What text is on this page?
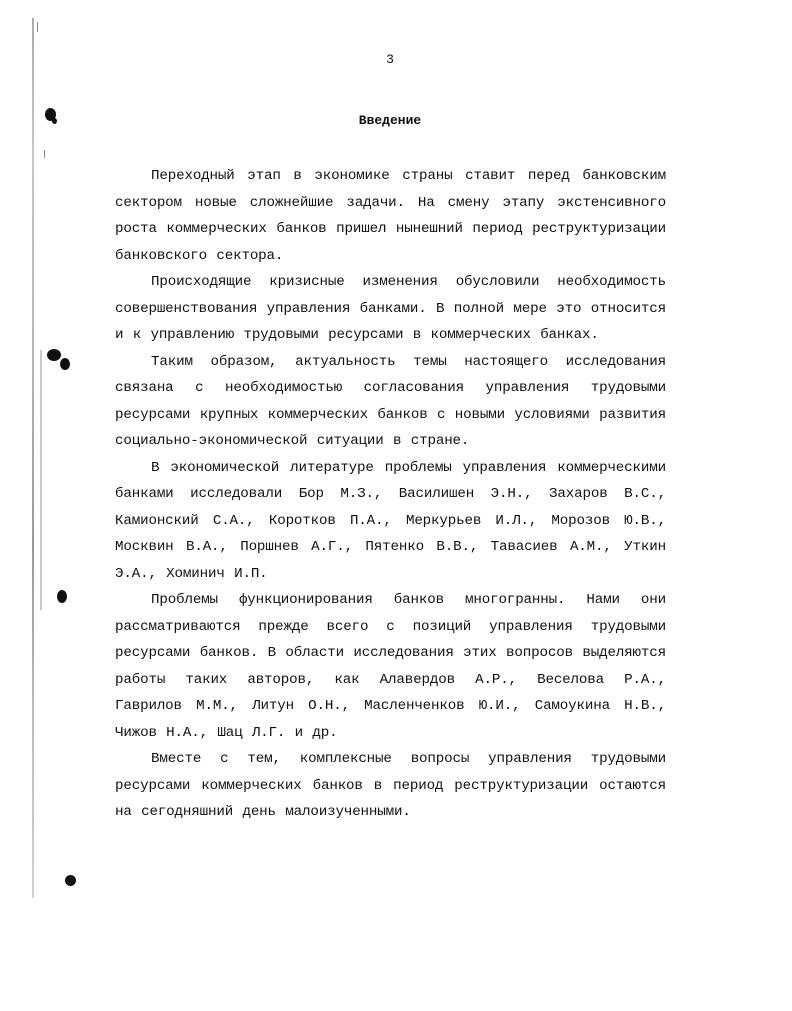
3
Введение

Переходный этап в экономике страны ставит перед банковским сектором новые сложнейшие задачи. На смену этапу экстенсивного роста коммерческих банков пришел нынешний период реструктуризации банковского сектора.

Происходящие кризисные изменения обусловили необходимость совершенствования управления банками. В полной мере это относится и к управлению трудовыми ресурсами в коммерческих банках.

Таким образом, актуальность темы настоящего исследования связана с необходимостью согласования управления трудовыми ресурсами крупных коммерческих банков с новыми условиями развития социально-экономической ситуации в стране.

В экономической литературе проблемы управления коммерческими банками исследовали Бор М.З., Василишен Э.Н., Захаров В.С., Камионский С.А., Коротков П.А., Меркурьев И.Л., Морозов Ю.В., Москвин В.А., Поршнев А.Г., Пятенко В.В., Тавасиев А.М., Уткин Э.А., Хоминич И.П.

Проблемы функционирования банков многогранны. Нами они рассматриваются прежде всего с позиций управления трудовыми ресурсами банков. В области исследования этих вопросов выделяются работы таких авторов, как Алавердов А.Р., Веселова Р.А., Гаврилов М.М., Литун О.Н., Масленченков Ю.И., Самоукина Н.В., Чижов Н.А., Шац Л.Г. и др.

Вместе с тем, комплексные вопросы управления трудовыми ресурсами коммерческих банков в период реструктуризации остаются на сегодняшний день малоизученными.
